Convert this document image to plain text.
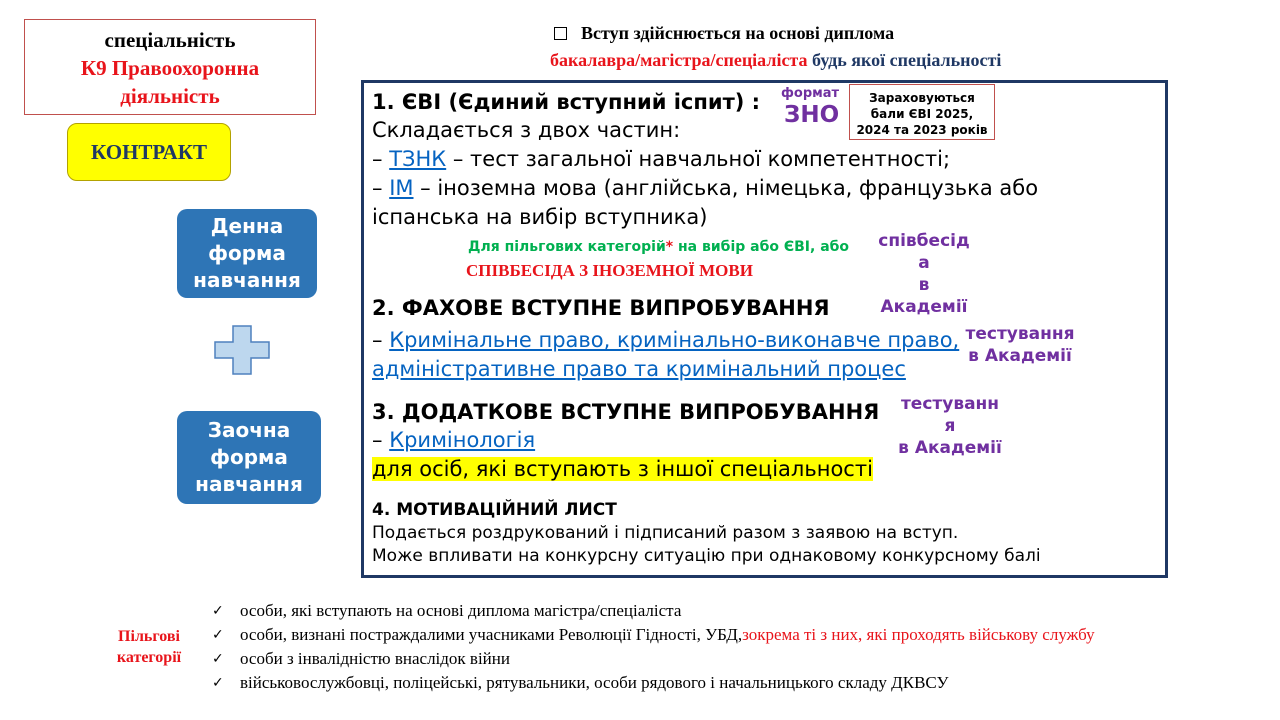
спеціальність
К9 Правоохоронна
діяльність
КОНТРАКТ
Денна
форма
навчання
Заочна
форма
навчання
Вступ здійснюється на основі диплома
бакалавра/магістра/спеціаліста будь якої спеціальності
1. ЄВІ (Єдиний вступний іспит) :
Складається з двох частин:
– ТЗНК – тест загальної навчальної компетентності;
– ІМ – іноземна мова (англійська, німецька, французька або іспанська на вибір вступника)
формат
ЗНО
Зараховуються
бали ЄВІ 2025,
2024 та 2023 років
Для пільгових категорій* на вибір або ЄВІ, або
СПІВБЕСІДА З ІНОЗЕМНОЇ МОВИ
співбесід
а
в
Академії
2. ФАХОВЕ ВСТУПНЕ ВИПРОБУВАННЯ
– Кримінальне право, кримінально-виконавче право, адміністративне право та кримінальний процес
тестування
в Академії
3. ДОДАТКОВЕ ВСТУПНЕ ВИПРОБУВАННЯ
– Кримінологія
для осіб, які вступають з іншої спеціальності
тестуванн
я
в Академії
4. МОТИВАЦІЙНИЙ ЛИСТ
Подається роздрукований і підписаний разом з заявою на вступ.
Може впливати на конкурсну ситуацію при однаковому конкурсному балі
Пільгові
категорії
✓ особи, які вступають на основі диплома магістра/спеціаліста
✓ особи, визнані постраждалими учасниками Революції Гідності, УБД, зокрема ті з них, які проходять військову службу
✓ особи з інвалідністю внаслідок війни
✓ військовослужбовці, поліцейські, рятувальники, особи рядового і начальницького складу ДКВСУ
